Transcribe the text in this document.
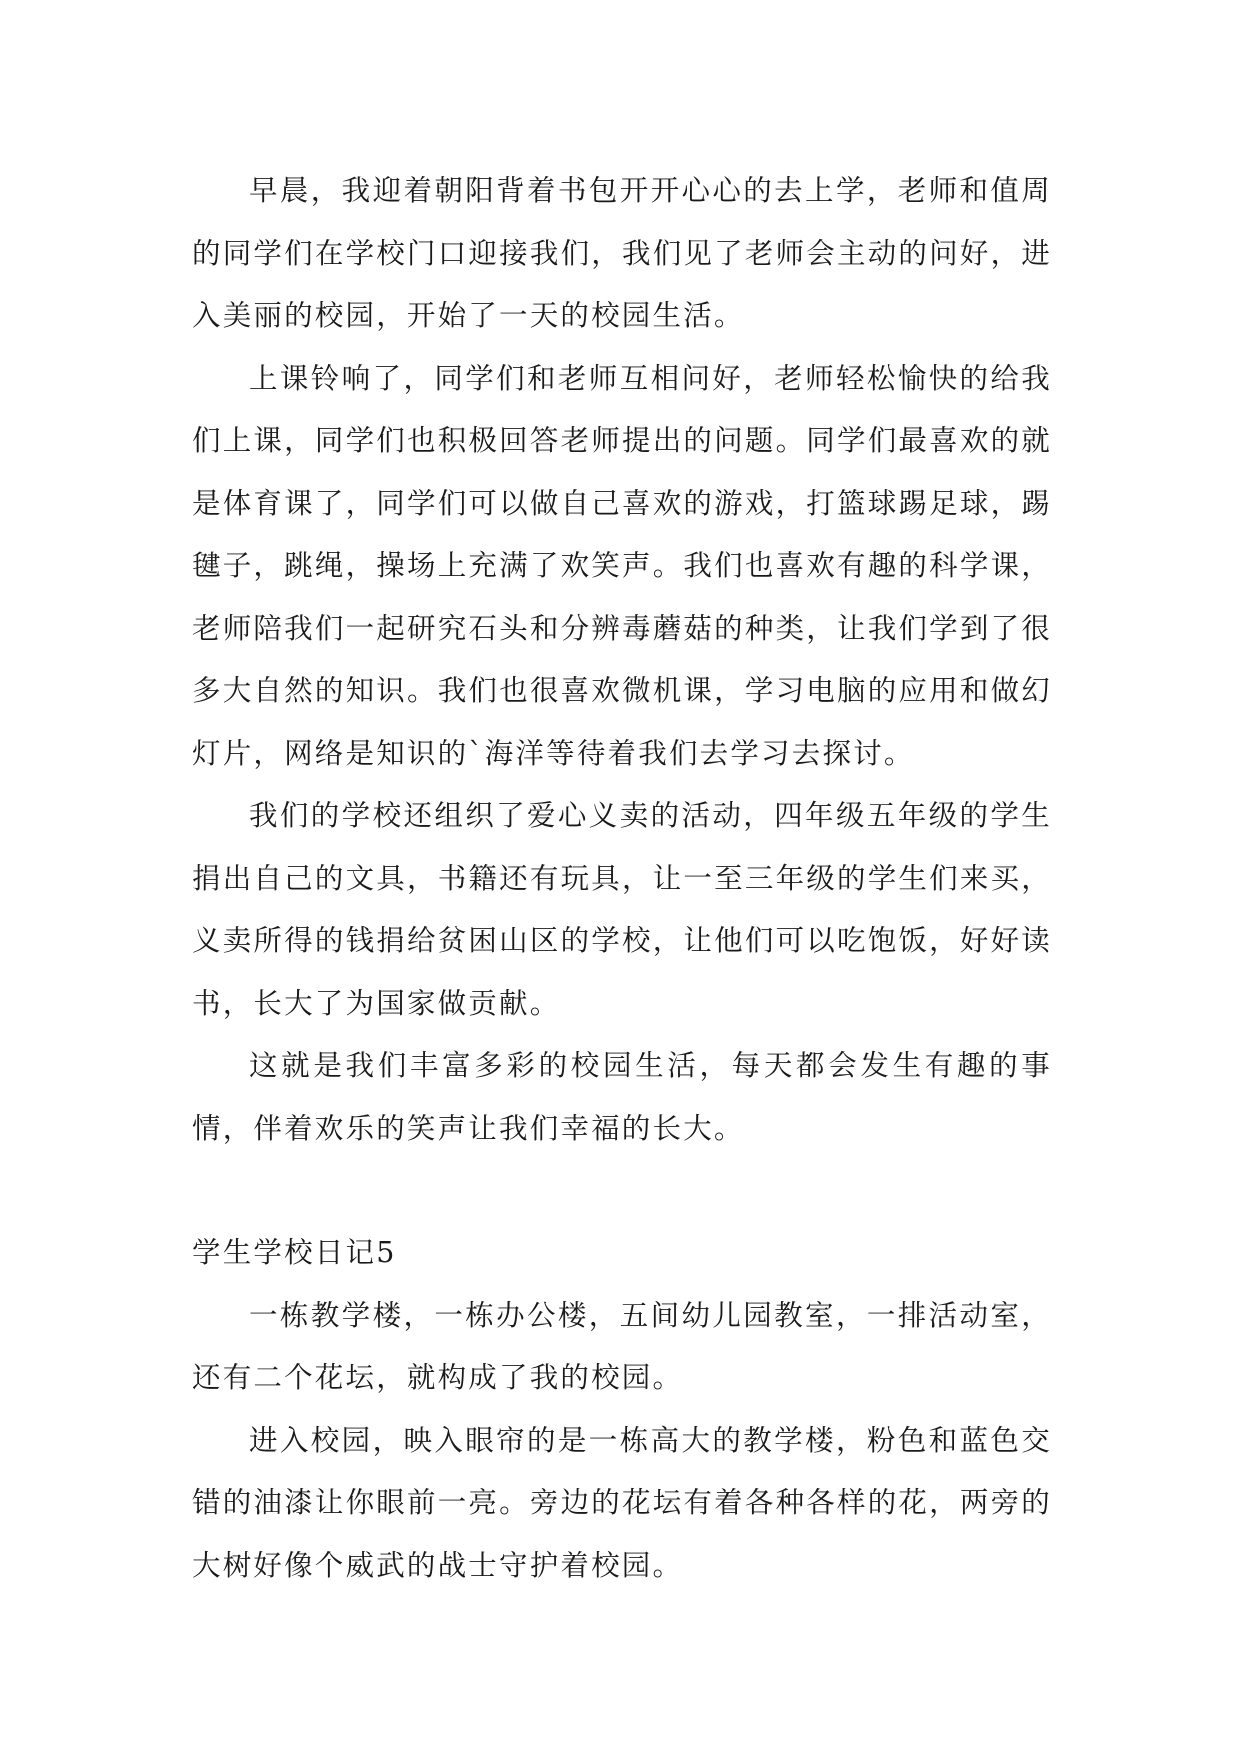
早晨，我迎着朝阳背着书包开开心心的去上学，老师和值周的同学们在学校门口迎接我们，我们见了老师会主动的问好，进入美丽的校园，开始了一天的校园生活。

上课铃响了，同学们和老师互相问好，老师轻松愉快的给我们上课，同学们也积极回答老师提出的问题。同学们最喜欢的就是体育课了，同学们可以做自己喜欢的游戏，打篮球踢足球，踢毽子，跳绳，操场上充满了欢笑声。我们也喜欢有趣的科学课，老师陪我们一起研究石头和分辨毒蘑菇的种类，让我们学到了很多大自然的知识。我们也很喜欢微机课，学习电脑的应用和做幻灯片，网络是知识的`海洋等待着我们去学习去探讨。

我们的学校还组织了爱心义卖的活动，四年级五年级的学生捐出自己的文具，书籍还有玩具，让一至三年级的学生们来买，义卖所得的钱捐给贫困山区的学校，让他们可以吃饱饭，好好读书，长大了为国家做贡献。

这就是我们丰富多彩的校园生活，每天都会发生有趣的事情，伴着欢乐的笑声让我们幸福的长大。

学生学校日记5

一栋教学楼，一栋办公楼，五间幼儿园教室，一排活动室，还有二个花坛，就构成了我的校园。

进入校园，映入眼帘的是一栋高大的教学楼，粉色和蓝色交错的油漆让你眼前一亮。旁边的花坛有着各种各样的花，两旁的大树好像个威武的战士守护着校园。
